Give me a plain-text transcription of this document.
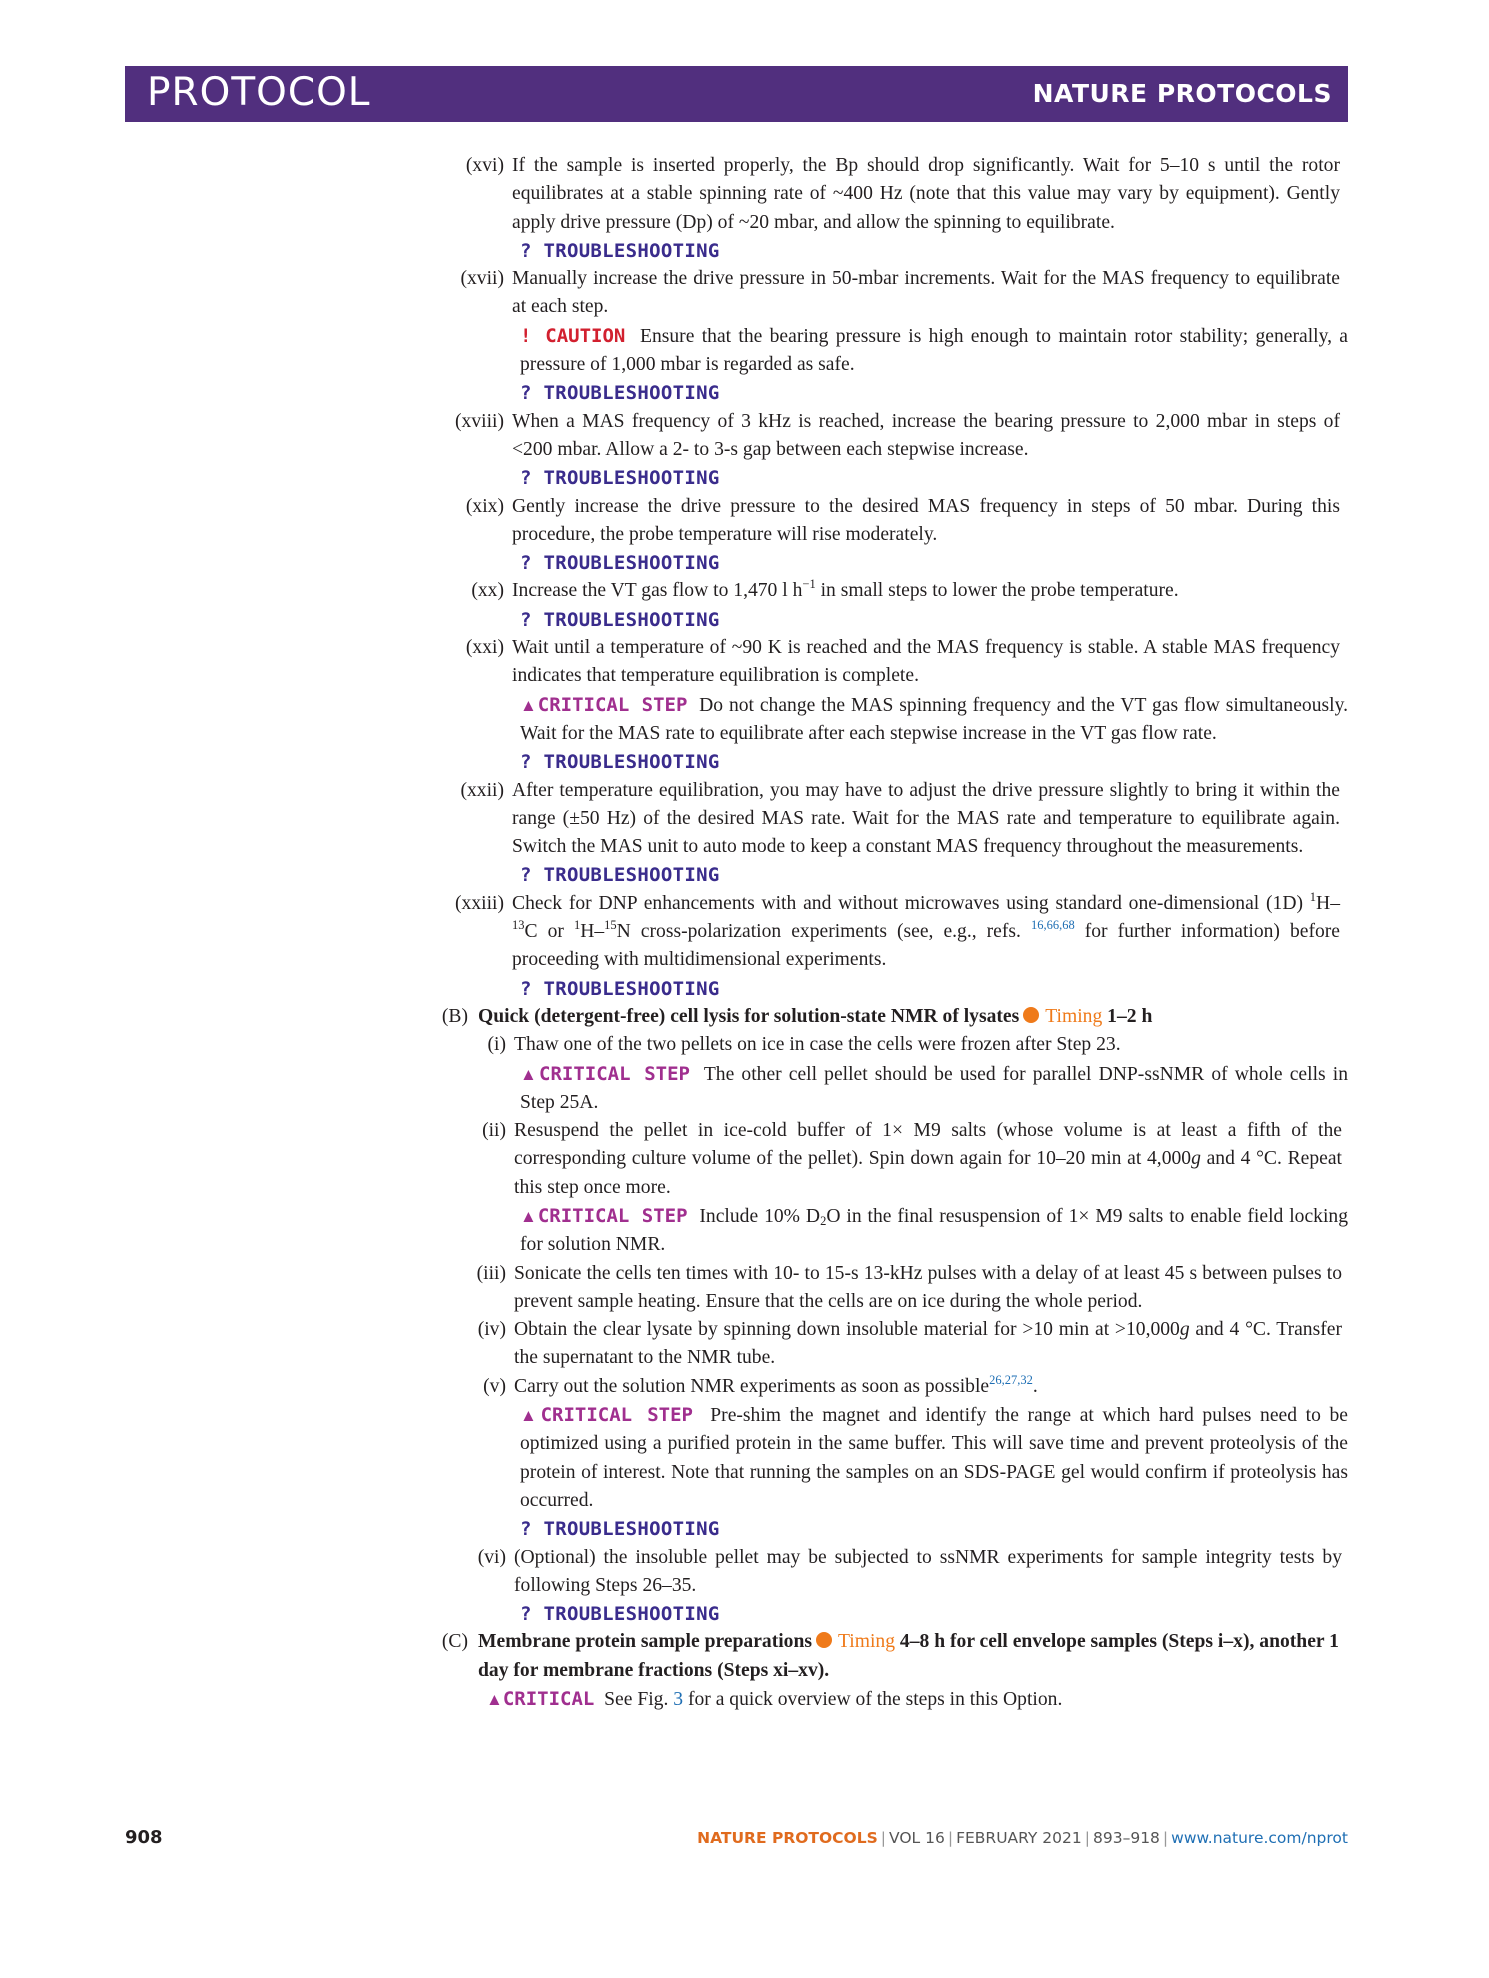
PROTOCOL	NATURE PROTOCOLS
(xvi) If the sample is inserted properly, the Bp should drop significantly. Wait for 5–10 s until the rotor equilibrates at a stable spinning rate of ~400 Hz (note that this value may vary by equipment). Gently apply drive pressure (Dp) of ~20 mbar, and allow the spinning to equilibrate.
? TROUBLESHOOTING
(xvii) Manually increase the drive pressure in 50-mbar increments. Wait for the MAS frequency to equilibrate at each step.
! CAUTION Ensure that the bearing pressure is high enough to maintain rotor stability; generally, a pressure of 1,000 mbar is regarded as safe.
? TROUBLESHOOTING
(xviii) When a MAS frequency of 3 kHz is reached, increase the bearing pressure to 2,000 mbar in steps of <200 mbar. Allow a 2- to 3-s gap between each stepwise increase.
? TROUBLESHOOTING
(xix) Gently increase the drive pressure to the desired MAS frequency in steps of 50 mbar. During this procedure, the probe temperature will rise moderately.
? TROUBLESHOOTING
(xx) Increase the VT gas flow to 1,470 l $h^{-1}$ in small steps to lower the probe temperature.
? TROUBLESHOOTING
(xxi) Wait until a temperature of ~90 K is reached and the MAS frequency is stable. A stable MAS frequency indicates that temperature equilibration is complete.
▲CRITICAL STEP Do not change the MAS spinning frequency and the VT gas flow simultaneously. Wait for the MAS rate to equilibrate after each stepwise increase in the VT gas flow rate.
? TROUBLESHOOTING
(xxii) After temperature equilibration, you may have to adjust the drive pressure slightly to bring it within the range (±50 Hz) of the desired MAS rate. Wait for the MAS rate and temperature to equilibrate again. Switch the MAS unit to auto mode to keep a constant MAS frequency throughout the measurements.
? TROUBLESHOOTING
(xxiii) Check for DNP enhancements with and without microwaves using standard one-dimensional (1D) $^1$H–$^{13}$C or $^1$H–$^{15}$N cross-polarization experiments (see, e.g., refs. $^{16,66,68}$ for further information) before proceeding with multidimensional experiments.
? TROUBLESHOOTING
(B) Quick (detergent-free) cell lysis for solution-state NMR of lysates Timing 1–2 h
(i) Thaw one of the two pellets on ice in case the cells were frozen after Step 23.
▲CRITICAL STEP The other cell pellet should be used for parallel DNP-ssNMR of whole cells in Step 25A.
(ii) Resuspend the pellet in ice-cold buffer of 1× M9 salts (whose volume is at least a fifth of the corresponding culture volume of the pellet). Spin down again for 10–20 min at 4,000g and 4 °C. Repeat this step once more.
▲CRITICAL STEP Include 10% $D_2O$ in the final resuspension of 1× M9 salts to enable field locking for solution NMR.
(iii) Sonicate the cells ten times with 10- to 15-s 13-kHz pulses with a delay of at least 45 s between pulses to prevent sample heating. Ensure that the cells are on ice during the whole period.
(iv) Obtain the clear lysate by spinning down insoluble material for >10 min at >10,000g and 4 °C. Transfer the supernatant to the NMR tube.
(v) Carry out the solution NMR experiments as soon as possible$^{26,27,32}$.
▲CRITICAL STEP Pre-shim the magnet and identify the range at which hard pulses need to be optimized using a purified protein in the same buffer. This will save time and prevent proteolysis of the protein of interest. Note that running the samples on an SDS-PAGE gel would confirm if proteolysis has occurred.
? TROUBLESHOOTING
(vi) (Optional) the insoluble pellet may be subjected to ssNMR experiments for sample integrity tests by following Steps 26–35.
? TROUBLESHOOTING
(C) Membrane protein sample preparations Timing 4–8 h for cell envelope samples (Steps i–x), another 1 day for membrane fractions (Steps xi–xv).
▲CRITICAL See Fig. 3 for a quick overview of the steps in this Option.
908	NATURE PROTOCOLS | VOL 16 | FEBRUARY 2021 | 893–918 | www.nature.com/nprot
